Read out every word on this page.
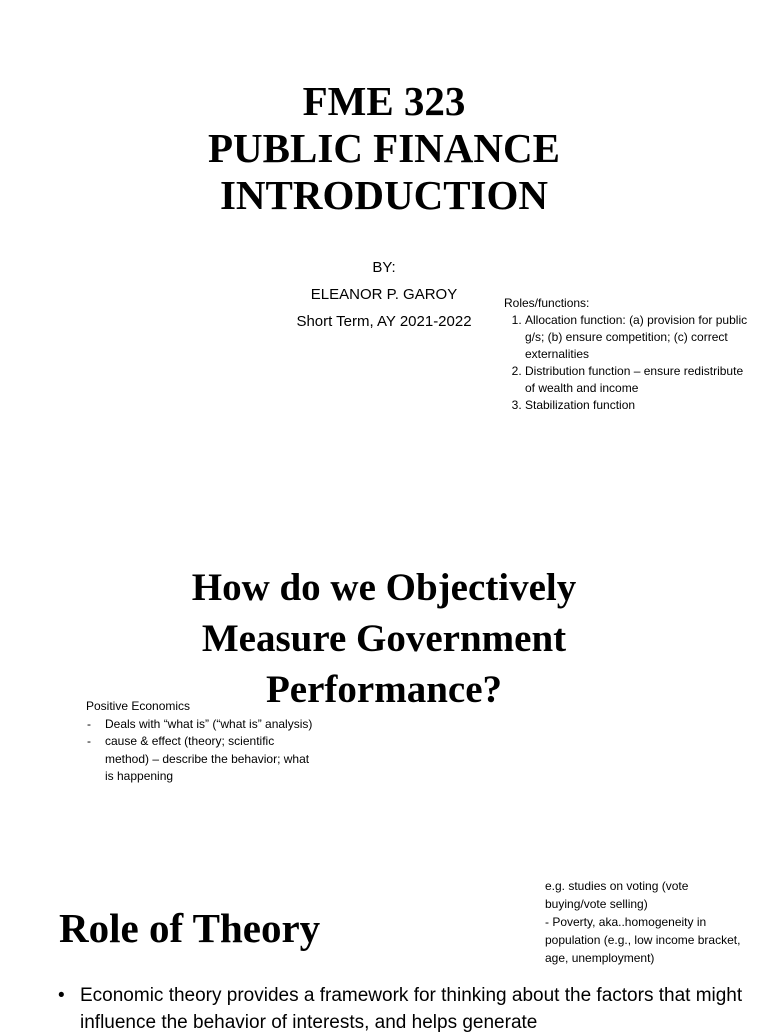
FME 323
PUBLIC FINANCE
INTRODUCTION
BY:
ELEANOR P. GAROY
Short Term, AY 2021-2022
Roles/functions:
1. Allocation function: (a) provision for public g/s; (b) ensure competition; (c) correct externalities
2. Distribution function – ensure redistribute of wealth and income
3. Stabilization function
How do we Objectively
Measure Government
Performance?
Positive Economics
- Deals with “what is” (“what is” analysis)
- cause & effect (theory; scientific method) – describe the behavior; what is happening
e.g. studies on voting (vote buying/vote selling)
- Poverty, aka..homogeneity in population (e.g., low income bracket, age, unemployment)
Role of Theory
• Economic theory provides a framework for thinking about the factors that might influence the behavior of interests, and helps generate
